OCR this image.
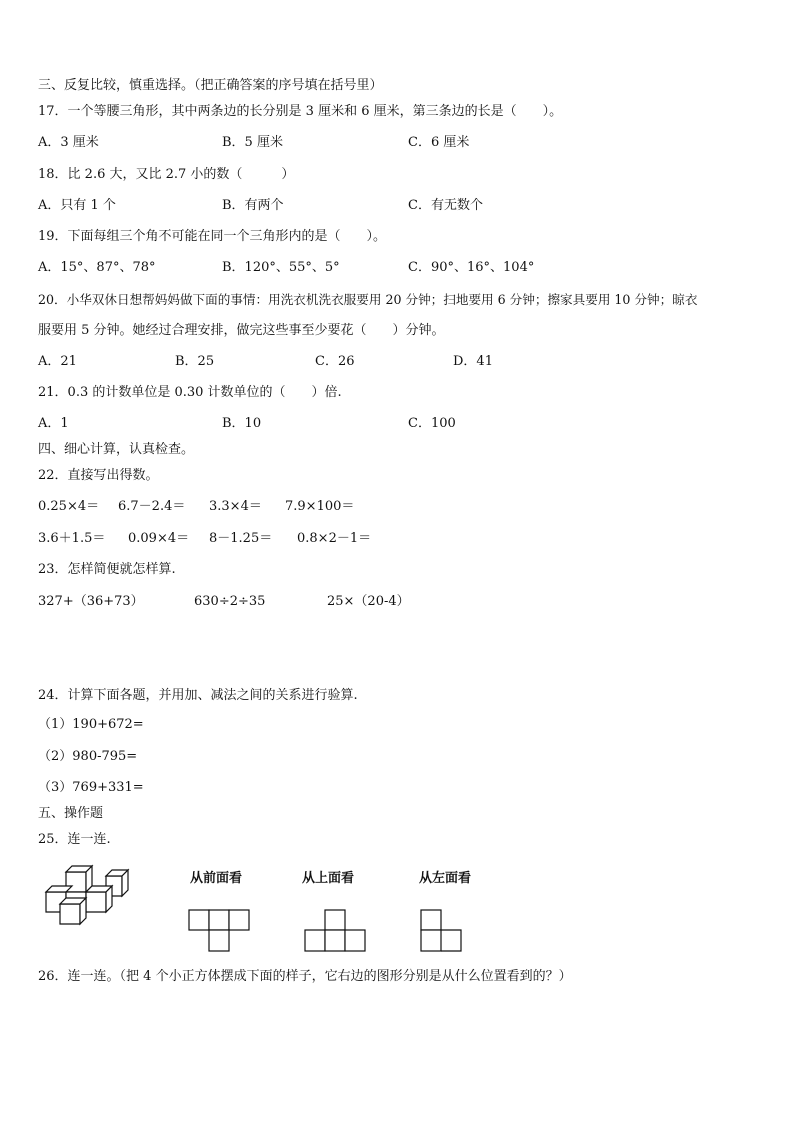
三、反复比较，慎重选择。（把正确答案的序号填在括号里）
17．一个等腰三角形，其中两条边的长分别是 3 厘米和 6 厘米，第三条边的长是（　　）。
A．3 厘米	B．5 厘米	C．6 厘米
18．比 2.6 大，又比 2.7 小的数（　　　）
A．只有 1 个	B．有两个	C．有无数个
19．下面每组三个角不可能在同一个三角形内的是（　　）。
A．15°、87°、78°	B．120°、55°、5°	C．90°、16°、104°
20．小华双休日想帮妈妈做下面的事情：用洗衣机洗衣服要用 20 分钟；扫地要用 6 分钟；擦家具要用 10 分钟；晾衣
服要用 5 分钟。她经过合理安排，做完这些事至少要花（　　）分钟。
A．21	B．25	C．26	D．41
21．0.3 的计数单位是 0.30 计数单位的（　　）倍.
A．1	B．10	C．100
四、细心计算，认真检查。
22．直接写出得数。
0.25×4＝ 6.7－2.4＝ 3.3×4＝ 7.9×100＝
3.6＋1.5＝ 0.09×4＝ 8－1.25＝ 0.8×2－1＝
23．怎样简便就怎样算.
327+（36+73）	630÷2÷35	25×（20-4）
24．计算下面各题，并用加、减法之间的关系进行验算.
（1）190+672=
（2）980-795=
（3）769+331=
五、操作题
25．连一连.
从前面看	从上面看	从左面看
26．连一连。（把 4 个小正方体摆成下面的样子，它右边的图形分别是从什么位置看到的？）
